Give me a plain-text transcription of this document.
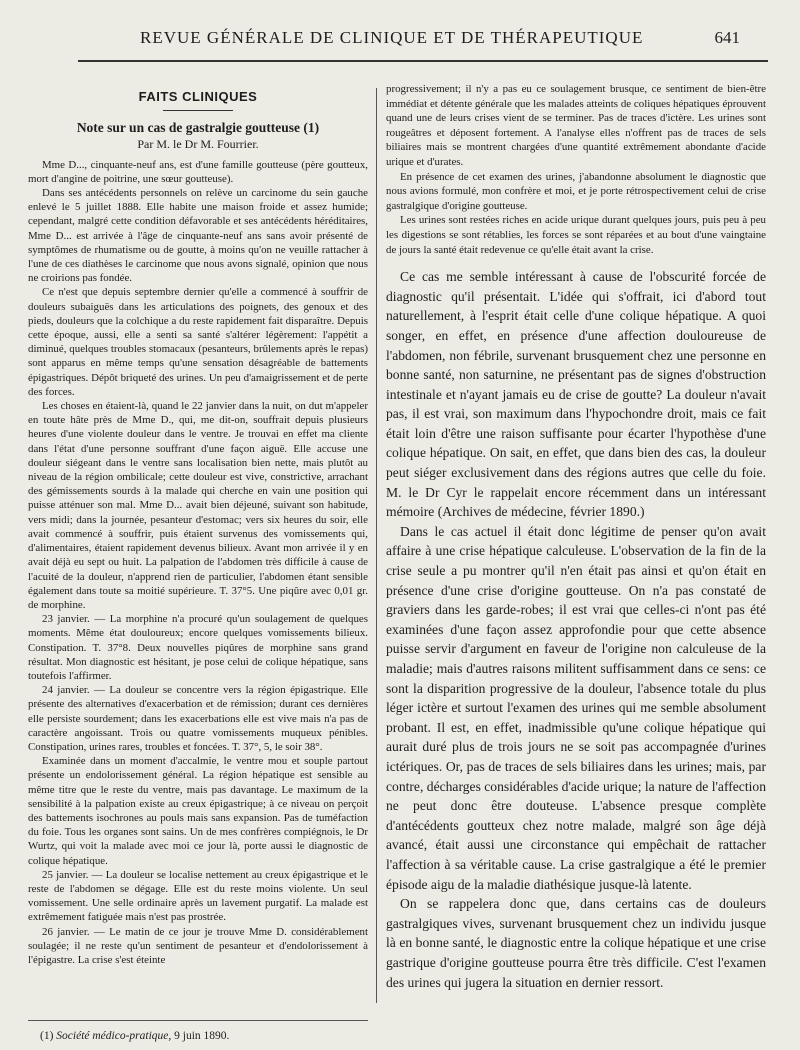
REVUE GÉNÉRALE DE CLINIQUE ET DE THÉRAPEUTIQUE	641
FAITS CLINIQUES
Note sur un cas de gastralgie goutteuse (1)
Par M. le Dr M. Fourrier.

Mme D..., cinquante-neuf ans, est d'une famille goutteuse (père goutteux, mort d'angine de poitrine, une sœur goutteuse).

Dans ses antécédents personnels on relève un carcinome du sein gauche enlevé le 5 juillet 1888. Elle habite une maison froide et assez humide; cependant, malgré cette condition défavorable et ses antécédents héréditaires, Mme D... est arrivée à l'âge de cinquante-neuf ans sans avoir présenté de symptômes de rhumatisme ou de goutte, à moins qu'on ne veuille rattacher à l'une de ces diathèses le carcinome que nous avons signalé, opinion que nous ne croirions pas fondée.

Ce n'est que depuis septembre dernier qu'elle a commencé à souffrir de douleurs subaiguës dans les articulations des poignets, des genoux et des pieds, douleurs que la colchique a du reste rapidement fait disparaître. Depuis cette époque, aussi, elle a senti sa santé s'altérer légèrement: l'appétit a diminué, quelques troubles stomacaux (pesanteurs, brûlements après le repas) sont apparus en même temps qu'une sensation désagréable de battements épigastriques. Dépôt briqueté des urines. Un peu d'amaigrissement et de perte des forces.

Les choses en étaient-là, quand le 22 janvier dans la nuit, on dut m'appeler en toute hâte près de Mme D., qui, me dit-on, souffrait depuis plusieurs heures d'une violente douleur dans le ventre. Je trouvai en effet ma cliente dans l'état d'une personne souffrant d'une façon aiguë. Elle accuse une douleur siégeant dans le ventre sans localisation bien nette, mais plutôt au niveau de la région ombilicale; cette douleur est vive, constrictive, arrachant des gémissements sourds à la malade qui cherche en vain une position qui puisse atténuer son mal. Mme D... avait bien déjeuné, suivant son habitude, vers midi; dans la journée, pesanteur d'estomac; vers six heures du soir, elle avait commencé à souffrir, puis étaient survenus des vomissements qui, d'alimentaires, étaient rapidement devenus bilieux. Avant mon arrivée il y en avait déjà eu sept ou huit. La palpation de l'abdomen très difficile à cause de l'acuité de la douleur, n'apprend rien de particulier, l'abdomen étant sensible également dans toute sa moitié supérieure. T. 37°5. Une piqûre avec 0,01 gr. de morphine.

23 janvier. — La morphine n'a procuré qu'un soulagement de quelques moments. Même état douloureux; encore quelques vomissements bilieux. Constipation. T. 37°8. Deux nouvelles piqûres de morphine sans grand résultat. Mon diagnostic est hésitant, je pose celui de colique hépatique, sans toutefois l'affirmer.

24 janvier. — La douleur se concentre vers la région épigastrique. Elle présente des alternatives d'exacerbation et de rémission; durant ces dernières elle persiste sourdement; dans les exacerbations elle est vive mais n'a pas de caractère angoissant. Trois ou quatre vomissements muqueux pénibles. Constipation, urines rares, troubles et foncées. T. 37°, 5, le soir 38°.

Examinée dans un moment d'accalmie, le ventre mou et souple partout présente un endolorissement général. La région hépatique est sensible au même titre que le reste du ventre, mais pas davantage. Le maximum de la sensibilité à la palpation existe au creux épigastrique; à ce niveau on perçoit des battements isochrones au pouls mais sans expansion. Pas de tuméfaction du foie. Tous les organes sont sains. Un de mes confrères compiégnois, le Dr Wurtz, qui voit la malade avec moi ce jour là, porte aussi le diagnostic de colique hépatique.

25 janvier. — La douleur se localise nettement au creux épigastrique et le reste de l'abdomen se dégage. Elle est du reste moins violente. Un seul vomissement. Une selle ordinaire après un lavement purgatif. La malade est extrêmement fatiguée mais n'est pas prostrée.

26 janvier. — Le matin de ce jour je trouve Mme D. considérablement soulagée; il ne reste qu'un sentiment de pesanteur et d'endolorissement à l'épigastre. La crise s'est éteinte

progressivement; il n'y a pas eu ce soulagement brusque, ce sentiment de bien-être immédiat et détente générale que les malades atteints de coliques hépatiques éprouvent quand une de leurs crises vient de se terminer. Pas de traces d'ictère. Les urines sont rougeâtres et déposent fortement. A l'analyse elles n'offrent pas de traces de sels biliaires mais se montrent chargées d'une quantité extrêmement abondante d'acide urique et d'urates.

En présence de cet examen des urines, j'abandonne absolument le diagnostic que nous avions formulé, mon confrère et moi, et je porte rétrospectivement celui de crise gastralgique d'origine goutteuse.

Les urines sont restées riches en acide urique durant quelques jours, puis peu à peu les digestions se sont rétablies, les forces se sont réparées et au bout d'une vaingtaine de jours la santé était redevenue ce qu'elle était avant la crise.

Ce cas me semble intéressant à cause de l'obscurité forcée de diagnostic qu'il présentait. L'idée qui s'offrait, ici d'abord tout naturellement, à l'esprit était celle d'une colique hépatique. A quoi songer, en effet, en présence d'une affection douloureuse de l'abdomen, non fébrile, survenant brusquement chez une personne en bonne santé, non saturnine, ne présentant pas de signes d'obstruction intestinale et n'ayant jamais eu de crise de goutte? La douleur n'avait pas, il est vrai, son maximum dans l'hypochondre droit, mais ce fait était loin d'être une raison suffisante pour écarter l'hypothèse d'une colique hépatique. On sait, en effet, que dans bien des cas, la douleur peut siéger exclusivement dans des régions autres que celle du foie. M. le Dr Cyr le rappelait encore récemment dans un intéressant mémoire (Archives de médecine, février 1890.)

Dans le cas actuel il était donc légitime de penser qu'on avait affaire à une crise hépatique calculeuse. L'observation de la fin de la crise seule a pu montrer qu'il n'en était pas ainsi et qu'on était en présence d'une crise d'origine goutteuse. On n'a pas constaté de graviers dans les garde-robes; il est vrai que celles-ci n'ont pas été examinées d'une façon assez approfondie pour que cette absence puisse servir d'argument en faveur de l'origine non calculeuse de la maladie; mais d'autres raisons militent suffisamment dans ce sens: ce sont la disparition progressive de la douleur, l'absence totale du plus léger ictère et surtout l'examen des urines qui me semble absolument probant. Il est, en effet, inadmissible qu'une colique hépatique qui aurait duré plus de trois jours ne se soit pas accompagnée d'urines ictériques. Or, pas de traces de sels biliaires dans les urines; mais, par contre, décharges considérables d'acide urique; la nature de l'affection ne peut donc être douteuse. L'absence presque complète d'antécédents goutteux chez notre malade, malgré son âge déjà avancé, était aussi une circonstance qui empêchait de rattacher l'affection à sa véritable cause. La crise gastralgique a été le premier épisode aigu de la maladie diathésique jusque-là latente.

On se rappelera donc que, dans certains cas de douleurs gastralgiques vives, survenant brusquement chez un individu jusque là en bonne santé, le diagnostic entre la colique hépatique et une crise gastrique d'origine goutteuse pourra être très difficile. C'est l'examen des urines qui jugera la situation en dernier ressort.

(1) Société médico-pratique, 9 juin 1890.
